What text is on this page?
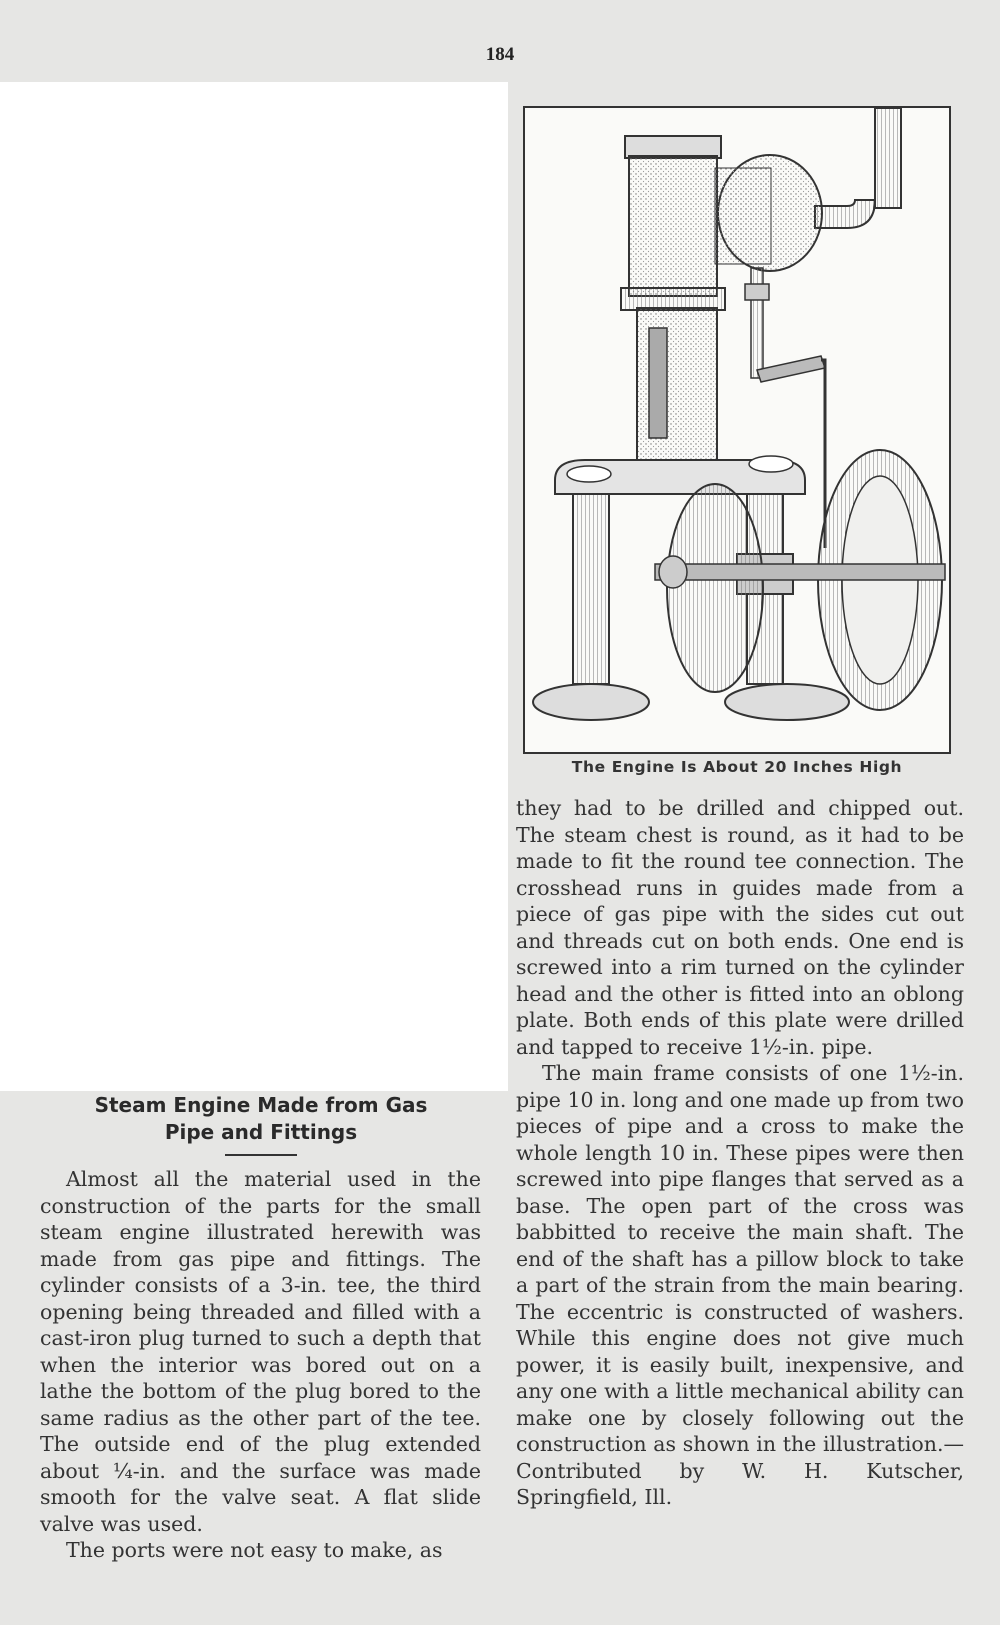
184
The Engine Is About 20 Inches High
Steam Engine Made from Gas
Pipe and Fittings

Almost all the material used in the construction of the parts for the small steam engine illustrated herewith was made from gas pipe and fittings. The cylinder consists of a 3-in. tee, the third opening being threaded and filled with a cast-iron plug turned to such a depth that when the interior was bored out on a lathe the bottom of the plug bored to the same radius as the other part of the tee. The outside end of the plug extended about ¼-in. and the surface was made smooth for the valve seat. A flat slide valve was used.

The ports were not easy to make, as

they had to be drilled and chipped out. The steam chest is round, as it had to be made to fit the round tee connection. The crosshead runs in guides made from a piece of gas pipe with the sides cut out and threads cut on both ends. One end is screwed into a rim turned on the cylinder head and the other is fitted into an oblong plate. Both ends of this plate were drilled and tapped to receive 1½-in. pipe.

The main frame consists of one 1½-in. pipe 10 in. long and one made up from two pieces of pipe and a cross to make the whole length 10 in. These pipes were then screwed into pipe flanges that served as a base. The open part of the cross was babbitted to receive the main shaft. The end of the shaft has a pillow block to take a part of the strain from the main bearing. The eccentric is constructed of washers. While this engine does not give much power, it is easily built, inexpensive, and any one with a little mechanical ability can make one by closely following out the construction as shown in the illustration.—Contributed by W. H. Kutscher, Springfield, Ill.
